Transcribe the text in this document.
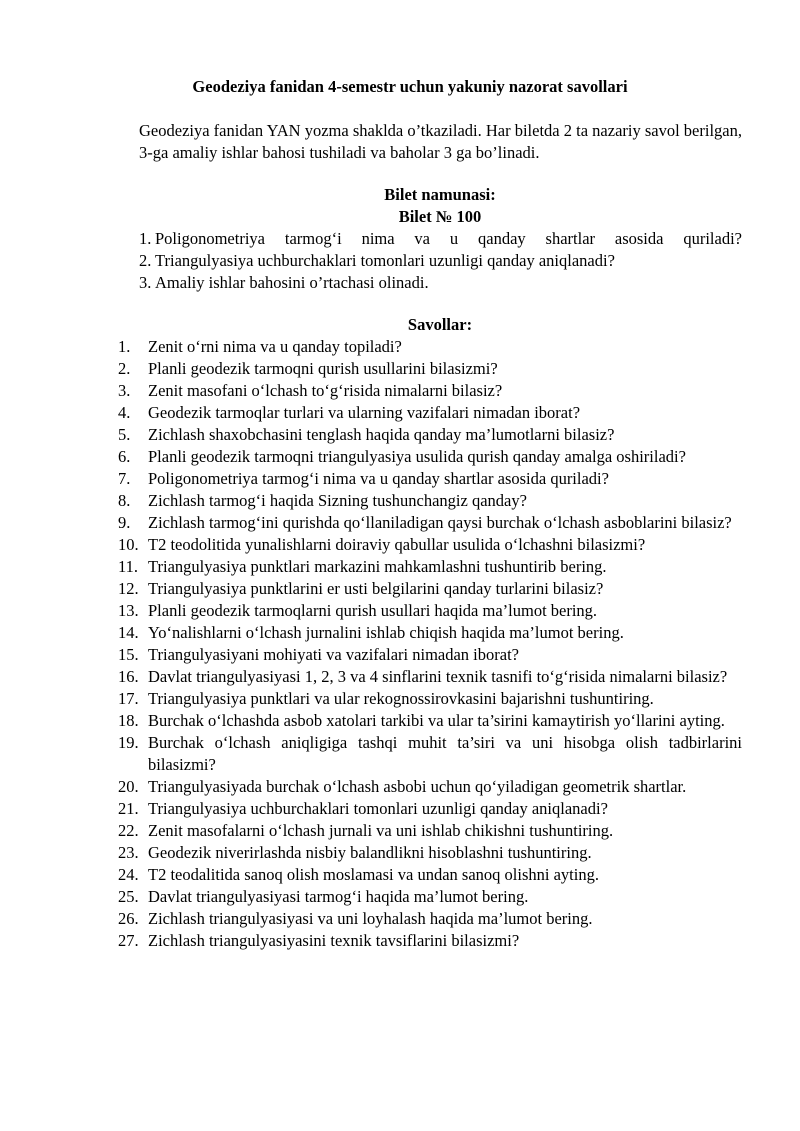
Geodeziya fanidan 4-semestr uchun yakuniy nazorat savollari
Geodeziya fanidan YAN yozma shaklda o’tkaziladi. Har biletda 2 ta nazariy savol berilgan, 3-ga amaliy ishlar bahosi tushiladi va baholar 3 ga bo’linadi.
Bilet namunasi:
Bilet № 100
1. Poligonometriya tarmog‘i nima va u qanday shartlar asosida quriladi?
2. Triangulyasiya uchburchaklari tomonlari uzunligi qanday aniqlanadi?
3. Amaliy ishlar bahosini o’rtachasi olinadi.
Savollar:
1.	Zenit o‘rni nima va u qanday topiladi?
2.	Planli geodezik tarmoqni qurish usullarini bilasizmi?
3.	Zenit masofani o‘lchash to‘g‘risida nimalarni bilasiz?
4.	Geodezik tarmoqlar turlari va ularning vazifalari nimadan iborat?
5.	Zichlash shaxobchasini tenglash haqida qanday ma’lumotlarni bilasiz?
6.	Planli geodezik tarmoqni triangulyasiya usulida qurish qanday amalga oshiriladi?
7.	Poligonometriya tarmog‘i nima va u qanday shartlar asosida quriladi?
8.	Zichlash tarmog‘i haqida Sizning tushunchangiz qanday?
9.	Zichlash tarmog‘ini qurishda qo‘llaniladigan qaysi burchak o‘lchash asboblarini bilasiz?
10. T2 teodolitida yunalishlarni doiraviy qabullar usulida o‘lchashni bilasizmi?
11. Triangulyasiya punktlari markazini mahkamlashni tushuntirib bering.
12. Triangulyasiya punktlarini er usti belgilarini qanday turlarini bilasiz?
13. Planli geodezik tarmoqlarni qurish usullari haqida ma’lumot bering.
14. Yo‘nalishlarni o‘lchash jurnalini ishlab chiqish haqida ma’lumot bering.
15. Triangulyasiyani mohiyati va vazifalari nimadan iborat?
16. Davlat triangulyasiyasi 1, 2, 3 va 4 sinflarini texnik tasnifi to‘g‘risida nimalarni bilasiz?
17. Triangulyasiya punktlari va ular rekognossirovkasini bajarishni tushuntiring.
18. Burchak o‘lchashda asbob xatolari tarkibi va ular ta’sirini kamaytirish yo‘llarini ayting.
19. Burchak o‘lchash aniqligiga tashqi muhit ta’siri va uni hisobga olish tadbirlarini bilasizmi?
20. Triangulyasiyada burchak o‘lchash asbobi uchun qo‘yiladigan geometrik shartlar.
21. Triangulyasiya uchburchaklari tomonlari uzunligi qanday aniqlanadi?
22. Zenit masofalarni o‘lchash jurnali va uni ishlab chikishni tushuntiring.
23. Geodezik niverirlashda nisbiy balandlikni hisoblashni tushuntiring.
24. T2 teodalitida sanoq olish moslamasi va undan sanoq olishni ayting.
25. Davlat triangulyasiyasi tarmog‘i haqida ma’lumot bering.
26. Zichlash triangulyasiyasi va uni loyhalash haqida ma’lumot bering.
27. Zichlash triangulyasiyasini texnik tavsiflarini bilasizmi?
